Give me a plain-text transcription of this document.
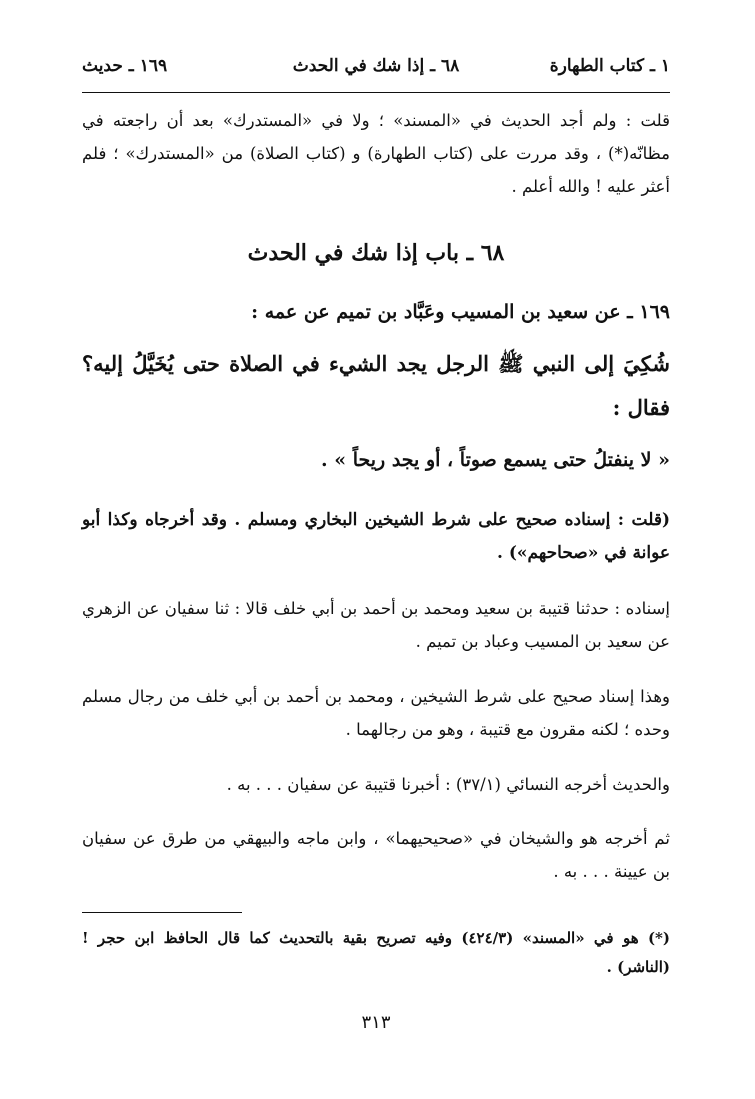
١ ـ كتاب الطهارة
٦٨ ـ إذا شك في الحدث
١٦٩ ـ حديث

قلت : ولم أجد الحديث في «المسند» ؛ ولا في «المستدرك» بعد أن راجعته في مظانّه(*) ، وقد مررت على (كتاب الطهارة) و (كتاب الصلاة) من «المستدرك» ؛ فلم أعثر عليه ! والله أعلم .

٦٨ ـ باب إذا شك في الحدث

١٦٩ ـ عن سعيد بن المسيب وعَبَّاد بن تميم عن عمه :

شُكِيَ إلى النبي ﷺ الرجل يجد الشيء في الصلاة حتى يُخَيَّلُ إليه؟ فقال :

« لا ينفتلُ حتى يسمع صوتاً ، أو يجد ريحاً » .

(قلت : إسناده صحيح على شرط الشيخين البخاري ومسلم . وقد أخرجاه وكذا أبو عوانة في «صحاحهم») .

إسناده : حدثنا قتيبة بن سعيد ومحمد بن أحمد بن أبي خلف قالا : ثنا سفيان عن الزهري عن سعيد بن المسيب وعباد بن تميم .

وهذا إسناد صحيح على شرط الشيخين ، ومحمد بن أحمد بن أبي خلف من رجال مسلم وحده ؛ لكنه مقرون مع قتيبة ، وهو من رجالهما .

والحديث أخرجه النسائي (٣٧/١) : أخبرنا قتيبة عن سفيان . . . به .

ثم أخرجه هو والشيخان في «صحيحيهما» ، وابن ماجه والبيهقي من طرق عن سفيان بن عيينة . . . به .

(*) هو في «المسند» (٤٢٤/٣) وفيه تصريح بقية بالتحديث كما قال الحافظ ابن حجر ! (الناشر) .

٣١٣
